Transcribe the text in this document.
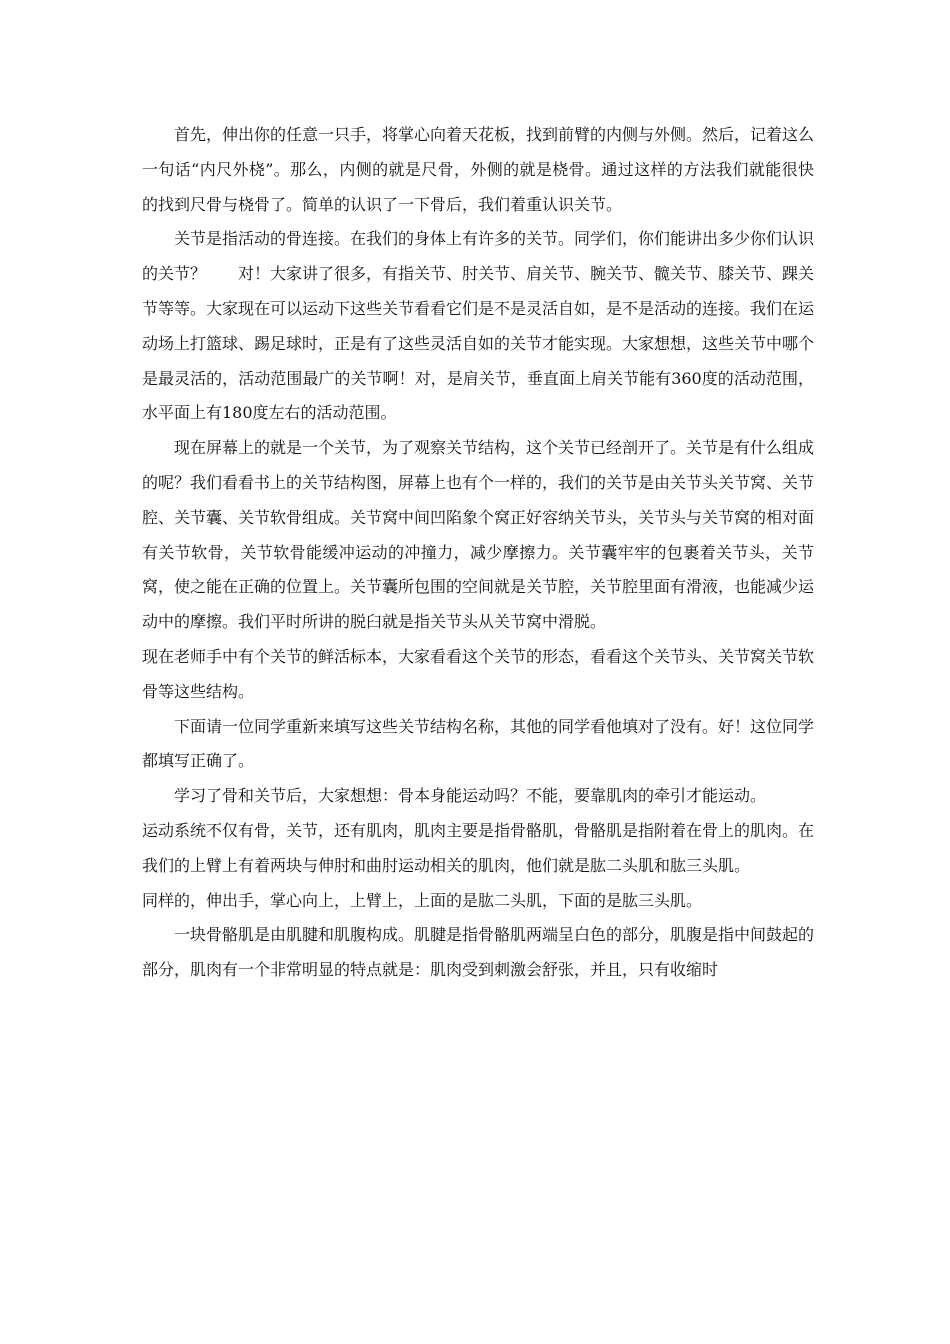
首先，伸出你的任意一只手，将掌心向着天花板，找到前臂的内侧与外侧。然后，记着这么一句话“内尺外桡”。那么，内侧的就是尺骨，外侧的就是桡骨。通过这样的方法我们就能很快的找到尺骨与桡骨了。简单的认识了一下骨后，我们着重认识关节。

关节是指活动的骨连接。在我们的身体上有许多的关节。同学们，你们能讲出多少你们认识的关节？　　对！大家讲了很多，有指关节、肘关节、肩关节、腕关节、髋关节、膝关节、踝关节等等。大家现在可以运动下这些关节看看它们是不是灵活自如，是不是活动的连接。我们在运动场上打篮球、踢足球时，正是有了这些灵活自如的关节才能实现。大家想想，这些关节中哪个是最灵活的，活动范围最广的关节啊！对，是肩关节，垂直面上肩关节能有360度的活动范围，水平面上有180度左右的活动范围。

现在屏幕上的就是一个关节，为了观察关节结构，这个关节已经剖开了。关节是有什么组成的呢？我们看看书上的关节结构图，屏幕上也有个一样的，我们的关节是由关节头关节窝、关节腔、关节囊、关节软骨组成。关节窝中间凹陷象个窝正好容纳关节头，关节头与关节窝的相对面有关节软骨，关节软骨能缓冲运动的冲撞力，减少摩擦力。关节囊牢牢的包裹着关节头，关节窝，使之能在正确的位置上。关节囊所包围的空间就是关节腔，关节腔里面有滑液，也能减少运动中的摩擦。我们平时所讲的脱臼就是指关节头从关节窝中滑脱。

现在老师手中有个关节的鲜活标本，大家看看这个关节的形态，看看这个关节头、关节窝关节软骨等这些结构。

下面请一位同学重新来填写这些关节结构名称，其他的同学看他填对了没有。好！这位同学都填写正确了。

学习了骨和关节后，大家想想：骨本身能运动吗？不能，要靠肌肉的牵引才能运动。

运动系统不仅有骨，关节，还有肌肉，肌肉主要是指骨骼肌，骨骼肌是指附着在骨上的肌肉。在我们的上臂上有着两块与伸肘和曲肘运动相关的肌肉，他们就是肱二头肌和肱三头肌。

同样的，伸出手，掌心向上，上臂上，上面的是肱二头肌，下面的是肱三头肌。

一块骨骼肌是由肌腱和肌腹构成。肌腱是指骨骼肌两端呈白色的部分，肌腹是指中间鼓起的部分，肌肉有一个非常明显的特点就是：肌肉受到刺激会舒张，并且，只有收缩时
